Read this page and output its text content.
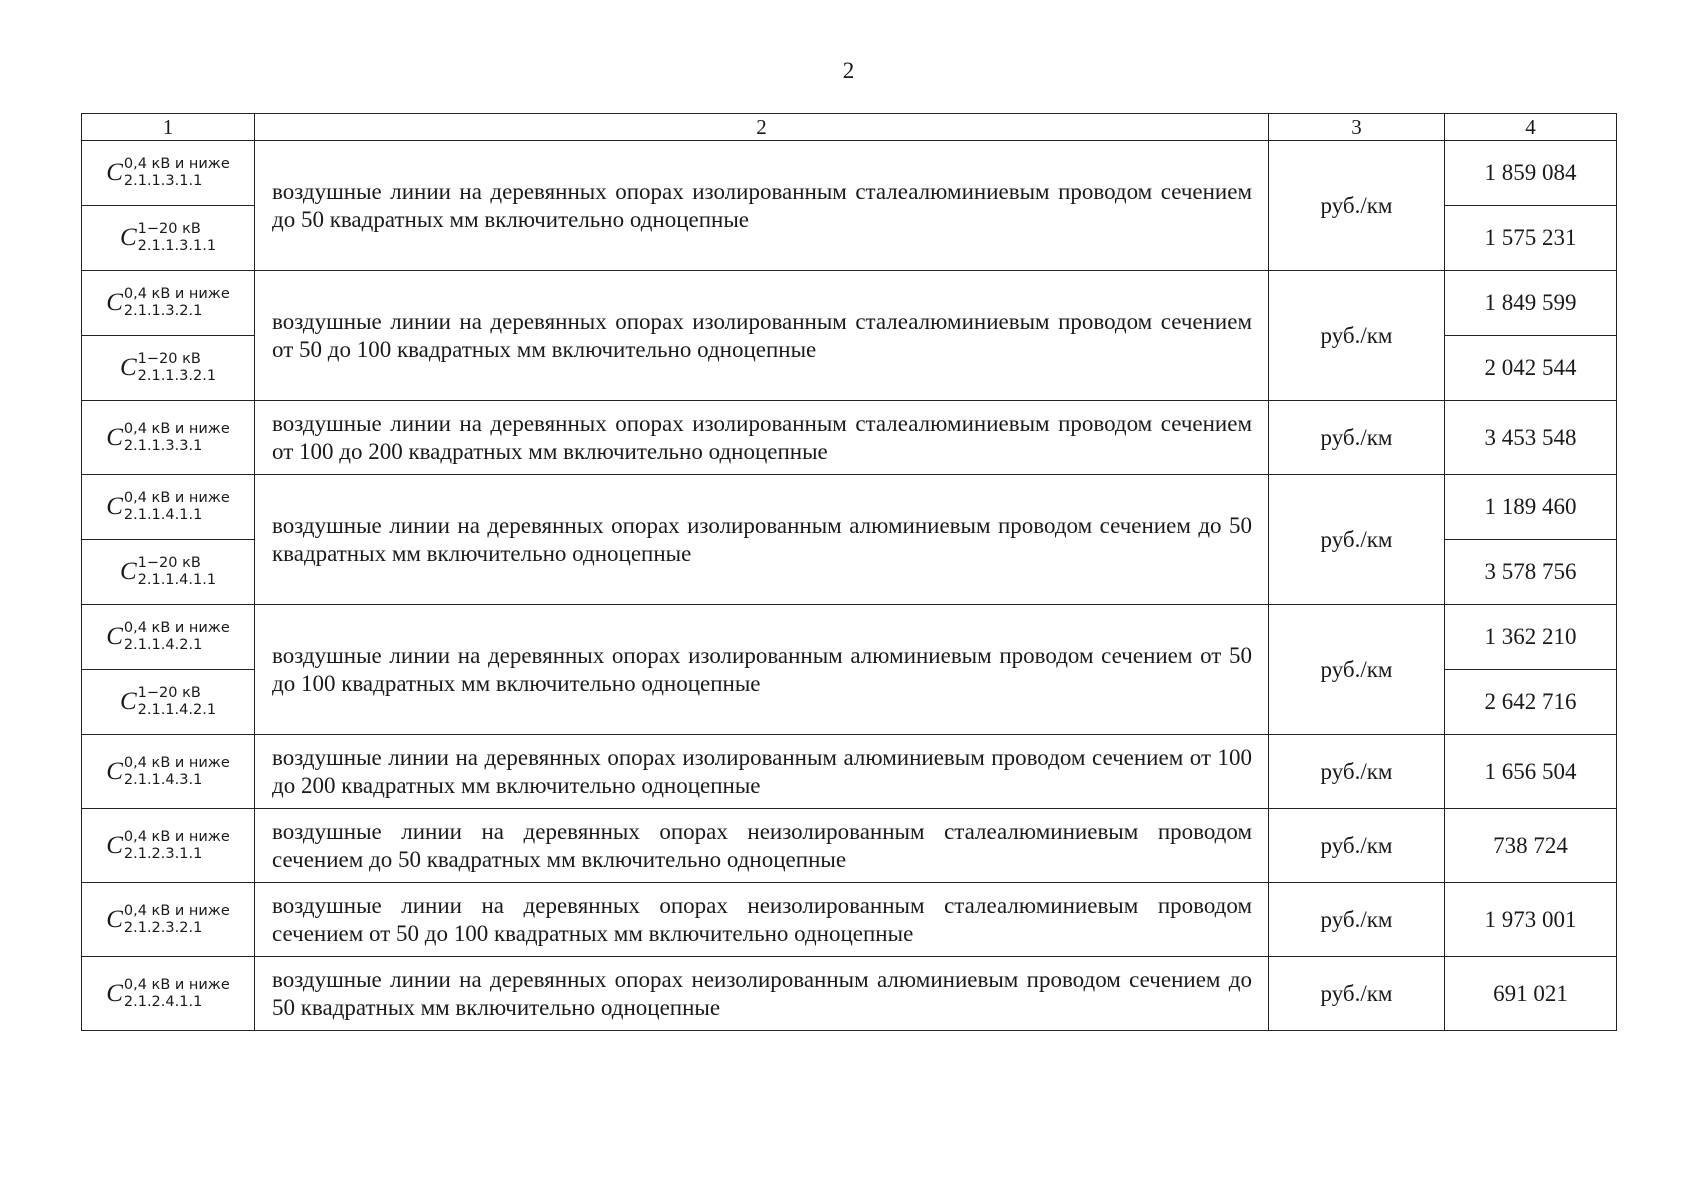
2
1	2	3	4
C 0,4 кВ и ниже
2.1.1.3.1.1	воздушные линии на деревянных опорах изолированным сталеалюминиевым проводом сечением до 50 квадратных мм включительно одноцепные	руб./км	1 859 084
C 1−20 кВ
2.1.1.3.1.1			1 575 231
C 0,4 кВ и ниже
2.1.1.3.2.1	воздушные линии на деревянных опорах изолированным сталеалюминиевым проводом сечением от 50 до 100 квадратных мм включительно одноцепные	руб./км	1 849 599
C 1−20 кВ
2.1.1.3.2.1			2 042 544
C 0,4 кВ и ниже
2.1.1.3.3.1	воздушные линии на деревянных опорах изолированным сталеалюминиевым проводом сечением от 100 до 200 квадратных мм включительно одноцепные	руб./км	3 453 548
C 0,4 кВ и ниже
2.1.1.4.1.1	воздушные линии на деревянных опорах изолированным алюминиевым проводом сечением до 50 квадратных мм включительно одноцепные	руб./км	1 189 460
C 1−20 кВ
2.1.1.4.1.1			3 578 756
C 0,4 кВ и ниже
2.1.1.4.2.1	воздушные линии на деревянных опорах изолированным алюминиевым проводом сечением от 50 до 100 квадратных мм включительно одноцепные	руб./км	1 362 210
C 1−20 кВ
2.1.1.4.2.1			2 642 716
C 0,4 кВ и ниже
2.1.1.4.3.1	воздушные линии на деревянных опорах изолированным алюминиевым проводом сечением от 100 до 200 квадратных мм включительно одноцепные	руб./км	1 656 504
C 0,4 кВ и ниже
2.1.2.3.1.1	воздушные линии на деревянных опорах неизолированным сталеалюминиевым проводом сечением до 50 квадратных мм включительно одноцепные	руб./км	738 724
C 0,4 кВ и ниже
2.1.2.3.2.1	воздушные линии на деревянных опорах неизолированным сталеалюминиевым проводом сечением от 50 до 100 квадратных мм включительно одноцепные	руб./км	1 973 001
C 0,4 кВ и ниже
2.1.2.4.1.1	воздушные линии на деревянных опорах неизолированным алюминиевым проводом сечением до 50 квадратных мм включительно одноцепные	руб./км	691 021
